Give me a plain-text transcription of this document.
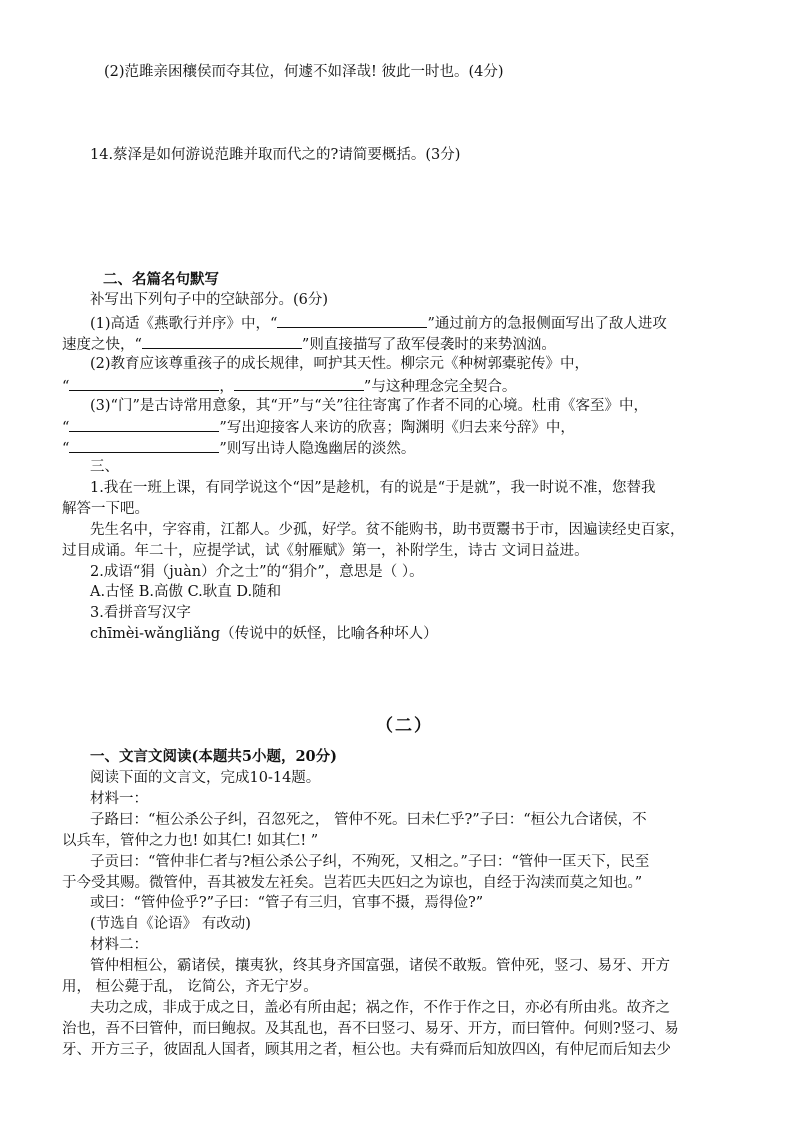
(2)范雎亲困穰侯而夺其位，何遽不如泽哉! 彼此一时也。(4分)
14.蔡泽是如何游说范雎并取而代之的?请简要概括。(3分)
二、名篇名句默写
补写出下列句子中的空缺部分。(6分)
(1)高适《燕歌行并序》中，“	”通过前方的急报侧面写出了敌人进攻
速度之快，“	”则直接描写了敌军侵袭时的来势汹汹。
(2)教育应该尊重孩子的成长规律，呵护其天性。柳宗元《种树郭橐驼传》中，
“	，	”与这种理念完全契合。
(3)“门”是古诗常用意象，其“开”与“关”往往寄寓了作者不同的心境。杜甫《客至》中，
“	”写出迎接客人来访的欣喜；陶渊明《归去来兮辞》中，
“	”则写出诗人隐逸幽居的淡然。
三、
1.我在一班上课，有同学说这个“因”是趁机，有的说是“于是就”，我一时说不准，您替我
解答一下吧。
先生名中，字容甫，江都人。少孤，好学。贫不能购书，助书贾鬻书于市，因遍读经史百家，
过目成诵。年二十，应提学试，试《射雁赋》第一，补附学生，诗古 文词日益进。
2.成语“狷（juàn）介之士”的“狷介”，意思是（ ）。
A.古怪 B.高傲 C.耿直 D.随和
3.看拼音写汉字
chīmèi-wǎngliǎng（传说中的妖怪，比喻各种坏人）
（二）
一、文言文阅读(本题共5小题，20分)
阅读下面的文言文，完成10-14题。
材料一：
子路曰：“桓公杀公子纠，召忽死之， 管仲不死。曰未仁乎?”子曰：“桓公九合诸侯，不
以兵车，管仲之力也! 如其仁! 如其仁! ”
子贡曰：“管仲非仁者与?桓公杀公子纠，不殉死，又相之。”子曰：“管仲一匡天下，民至
于今受其赐。微管仲，吾其被发左衽矣。岂若匹夫匹妇之为谅也，自经于沟渎而莫之知也。”
或曰：“管仲俭乎?”子曰：“管子有三归，官事不摄，焉得俭?”
(节选自《论语》 有改动)
材料二：
管仲相桓公，霸诸侯，攘夷狄，终其身齐国富强，诸侯不敢叛。管仲死，竖刁、易牙、开方
用， 桓公薨于乱， 讫简公，齐无宁岁。
夫功之成，非成于成之日，盖必有所由起；祸之作，不作于作之日，亦必有所由兆。故齐之
治也，吾不曰管仲，而曰鲍叔。及其乱也，吾不曰竖刁、易牙、开方，而曰管仲。何则?竖刁、易
牙、开方三子，彼固乱人国者，顾其用之者，桓公也。夫有舜而后知放四凶，有仲尼而后知去少
